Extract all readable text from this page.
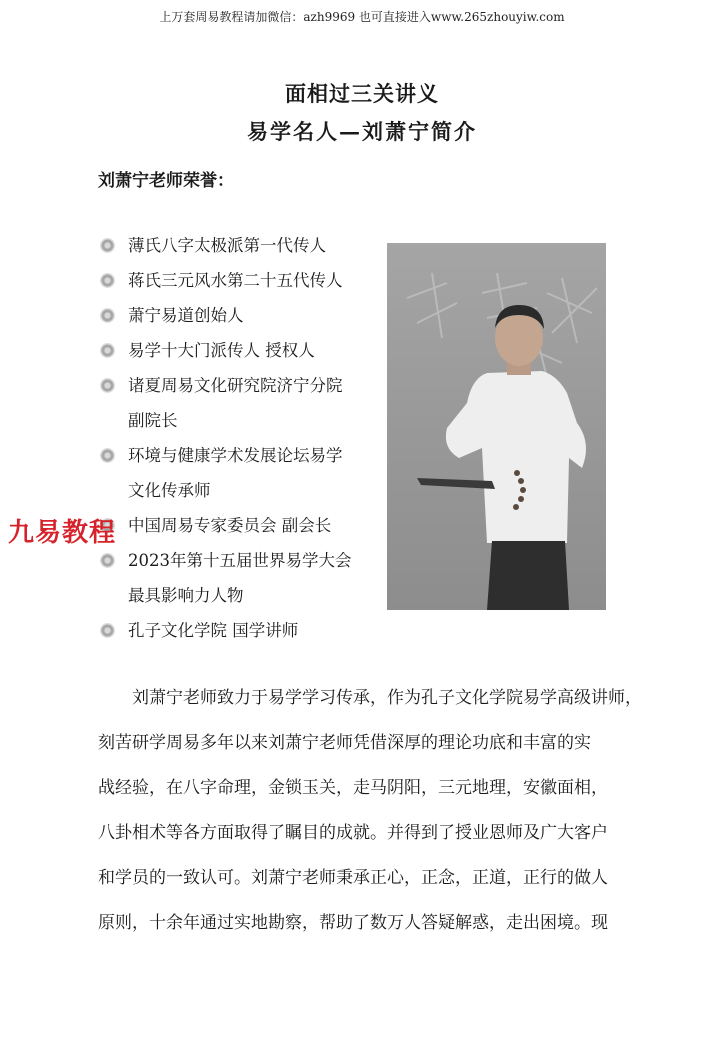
上万套周易教程请加微信：azh9969 也可直接进入www.265zhouyiw.com
面相过三关讲义
易学名人—刘萧宁简介
刘萧宁老师荣誉：
薄氏八字太极派第一代传人
蒋氏三元风水第二十五代传人
萧宁易道创始人
易学十大门派传人 授权人
诸夏周易文化研究院济宁分院
副院长
环境与健康学术发展论坛易学
文化传承师
中国周易专家委员会 副会长
2023年第十五届世界易学大会
最具影响力人物
孔子文化学院 国学讲师
九易教程
　　刘萧宁老师致力于易学学习传承，作为孔子文化学院易学高级讲师，
刻苦研学周易多年以来刘萧宁老师凭借深厚的理论功底和丰富的实
战经验，在八字命理，金锁玉关，走马阴阳，三元地理，安徽面相，
八卦相术等各方面取得了瞩目的成就。并得到了授业恩师及广大客户
和学员的一致认可。刘萧宁老师秉承正心，正念，正道，正行的做人
原则，十余年通过实地勘察，帮助了数万人答疑解惑，走出困境。现
